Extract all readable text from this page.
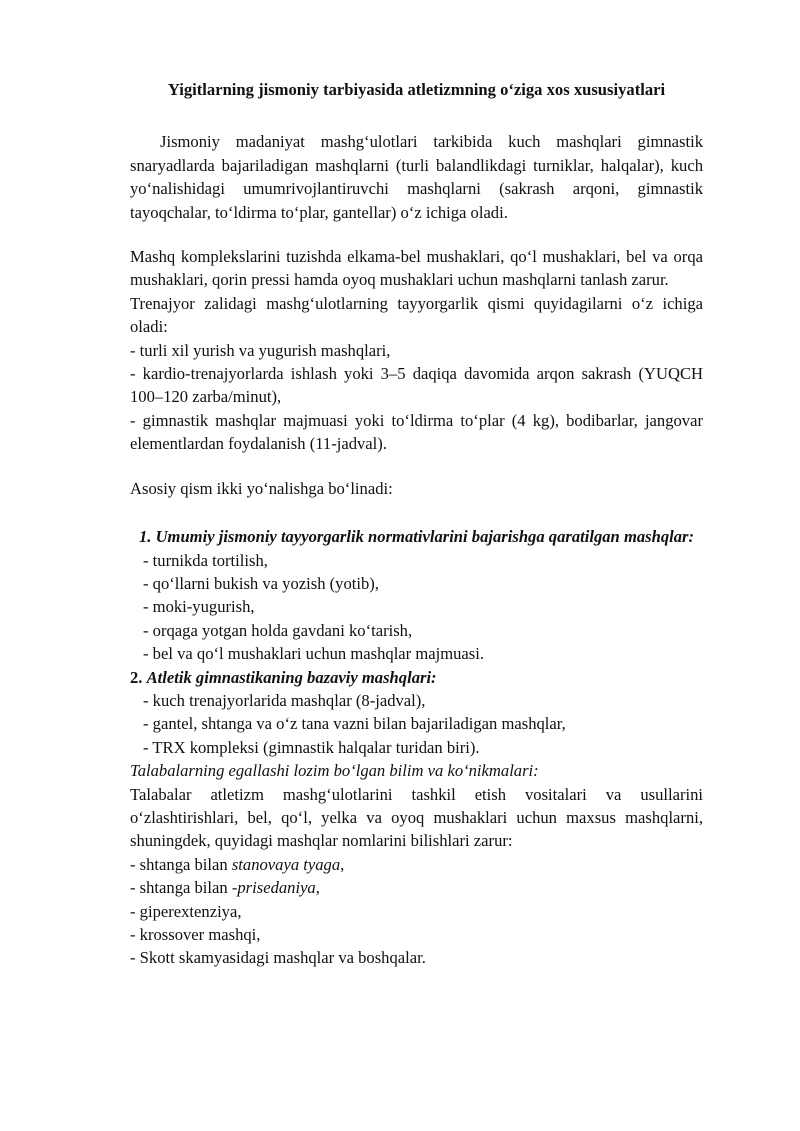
Yigitlarning jismoniy tarbiyasida atletizmning o‘ziga xos xususiyatlari

Jismoniy madaniyat mashg‘ulotlari tarkibida kuch mashqlari gimnastik snaryadlarda bajariladigan mashqlarni (turli balandlikdagi turniklar, halqalar), kuch yo‘nalishidagi umumrivojlantiruvchi mashqlarni (sakrash arqoni, gimnastik tayoqchalar, to‘ldirma to‘plar, gantellar) o‘z ichiga oladi.

Mashq komplekslarini tuzishda elkama-bel mushaklari, qo‘l mushaklari, bel va orqa mushaklari, qorin pressi hamda oyoq mushaklari uchun mashqlarni tanlash zarur.

Trenajyor zalidagi mashg‘ulotlarning tayyorgarlik qismi quyidagilarni o‘z ichiga oladi:

- turli xil yurish va yugurish mashqlari,

- kardio-trenajyorlarda ishlash yoki 3–5 daqiqa davomida arqon sakrash (YUQCH 100–120 zarba/minut),

- gimnastik mashqlar majmuasi yoki to‘ldirma to‘plar (4 kg), bodibarlar, jangovar elementlardan foydalanish (11-jadval).

Asosiy qism ikki yo‘nalishga bo‘linadi:

1. Umumiy jismoniy tayyorgarlik normativlarini bajarishga qaratilgan mashqlar:

- turnikda tortilish,

- qo‘llarni bukish va yozish (yotib),

- moki-yugurish,

- orqaga yotgan holda gavdani ko‘tarish,

- bel va qo‘l mushaklari uchun mashqlar majmuasi.

2. Atletik gimnastikaning bazaviy mashqlari:

- kuch trenajyorlarida mashqlar (8-jadval),

- gantel, shtanga va o‘z tana vazni bilan bajariladigan mashqlar,

- TRX kompleksi (gimnastik halqalar turidan biri).

Talabalarning egallashi lozim bo‘lgan bilim va ko‘nikmalari:

Talabalar atletizm mashg‘ulotlarini tashkil etish vositalari va usullarini o‘zlashtirishlari, bel, qo‘l, yelka va oyoq mushaklari uchun maxsus mashqlarni, shuningdek, quyidagi mashqlar nomlarini bilishlari zarur:

- shtanga bilan stanovaya tyaga,

- shtanga bilan -prisedaniya,

- giperextenziya,

- krossover mashqi,

- Skott skamyasidagi mashqlar va boshqalar.
